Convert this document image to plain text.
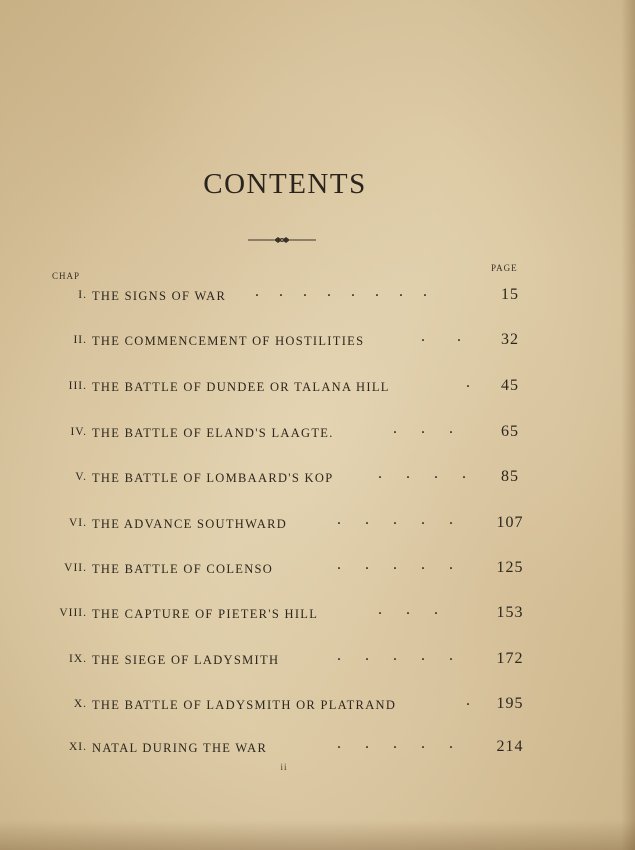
CONTENTS
CHAP
PAGE
I. THE SIGNS OF WAR .     .     .     .     .     .     .     .	15
II. THE COMMENCEMENT OF HOSTILITIES	.        .	32
III. THE BATTLE OF DUNDEE OR TALANA HILL	.	45
IV. THE BATTLE OF ELAND'S LAAGTE.	.      .      .	65
V. THE BATTLE OF LOMBAARD'S KOP	.      .      .      .	85
VI. THE ADVANCE SOUTHWARD	.      .      .      .      .	107
VII. THE BATTLE OF COLENSO	.      .      .      .      .	125
VIII. THE CAPTURE OF PIETER'S HILL	.      .      .	153
IX. THE SIEGE OF LADYSMITH	.      .      .      .      .	172
X. THE BATTLE OF LADYSMITH OR PLATRAND	.	195
XI. NATAL DURING THE WAR	.      .      .      .      .	214
ii
